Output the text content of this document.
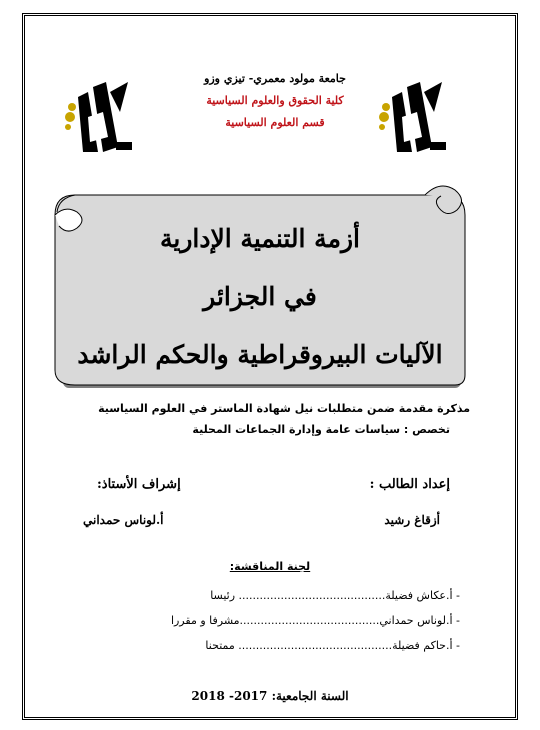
جامعة مولود معمري- تيزي وزو
كلية الحقوق والعلوم السياسية
قسم العلوم السياسية
أزمة التنمية الإدارية
في الجزائر
الآليات البيروقراطية والحكم الراشد
مذكرة مقدمة ضمن متطلبات نيل شهادة الماستر في العلوم السياسية
تخصص : سياسات عامة وإدارة الجماعات المحلية
إعداد الطالب :
أزقاغ رشيد
إشراف الأستاذ:
أ.لوناس حمداني
لجنة المناقشة:
- أ.عكاش فضيلة.......................................... رئيسا
- أ.لوناس حمداني........................................مشرفا و مقررا
- أ.حاكم فضيلة............................................ ممتحنا
السنة الجامعية: 2017- 2018
